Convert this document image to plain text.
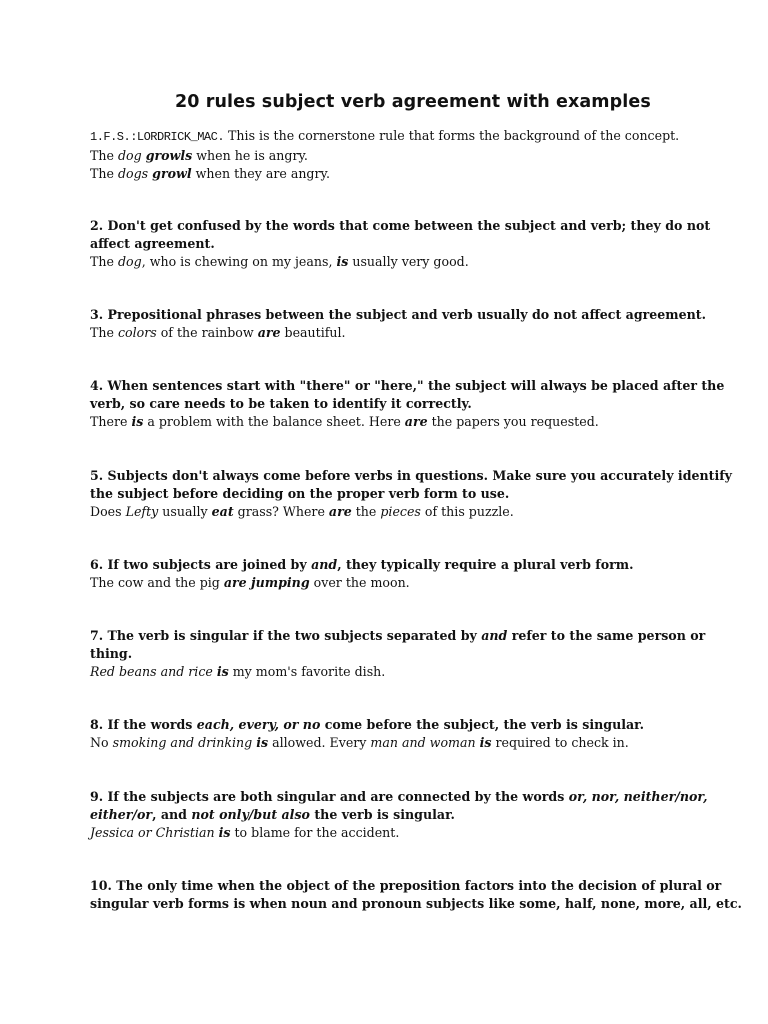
20 rules subject verb agreement with examples
1.F.S.:LORDRICK_MAC. This is the cornerstone rule that forms the background of the concept.
The dog growls when he is angry.
The dogs growl when they are angry.
2. Don't get confused by the words that come between the subject and verb; they do not
affect agreement.
The dog, who is chewing on my jeans, is usually very good.
3. Prepositional phrases between the subject and verb usually do not affect agreement.
The colors of the rainbow are beautiful.
4. When sentences start with "there" or "here," the subject will always be placed after the
verb, so care needs to be taken to identify it correctly.
There is a problem with the balance sheet. Here are the papers you requested.
5. Subjects don't always come before verbs in questions. Make sure you accurately identify
the subject before deciding on the proper verb form to use.
Does Lefty usually eat grass? Where are the pieces of this puzzle.
6. If two subjects are joined by and, they typically require a plural verb form.
The cow and the pig are jumping over the moon.
7. The verb is singular if the two subjects separated by and refer to the same person or
thing.
Red beans and rice is my mom's favorite dish.
8. If the words each, every, or no come before the subject, the verb is singular.
No smoking and drinking is allowed. Every man and woman is required to check in.
9. If the subjects are both singular and are connected by the words or, nor, neither/nor,
either/or, and not only/but also the verb is singular.
Jessica or Christian is to blame for the accident.
10. The only time when the object of the preposition factors into the decision of plural or
singular verb forms is when noun and pronoun subjects like some, half, none, more, all, etc.
